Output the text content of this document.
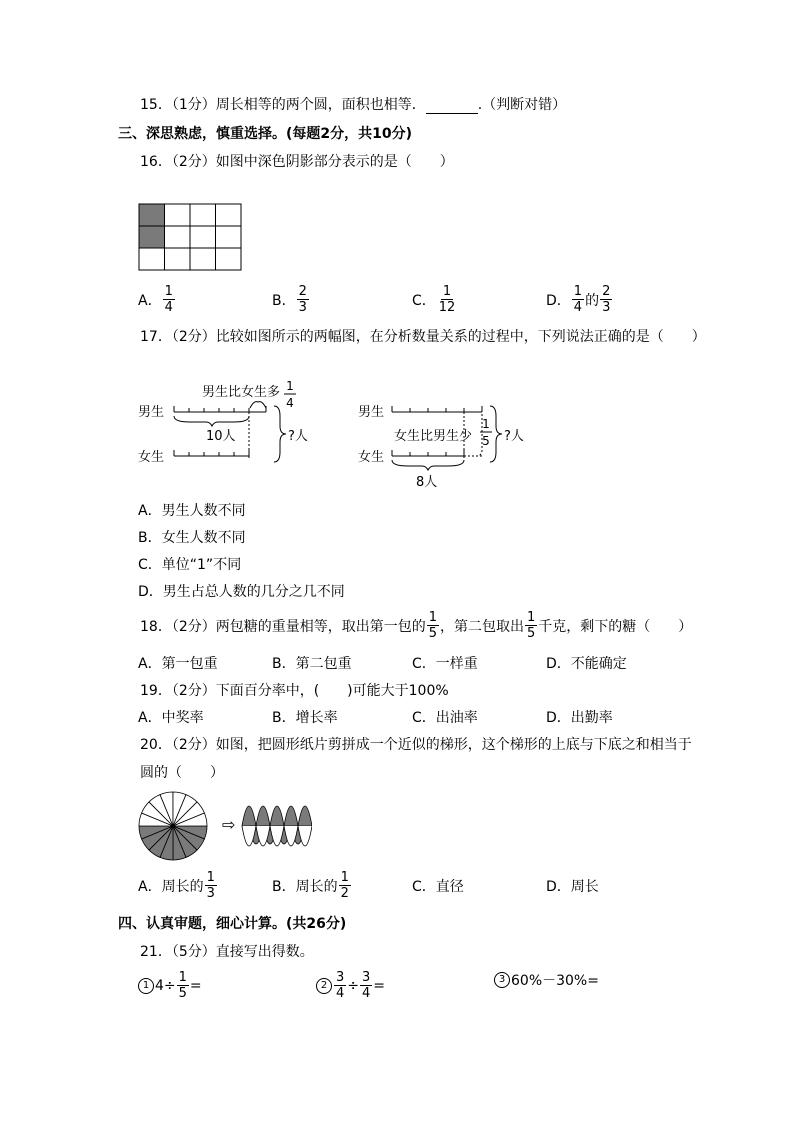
15．（1分）周长相等的两个圆，面积也相等．	.（判断对错）
三、深思熟虑，慎重选择。(每题2分，共10分)
16．（2分）如图中深色阴影部分表示的是（　　）
A． $\frac{1}{4}$	B． $\frac{2}{3}$	C． $\frac{1}{12}$	D． $\frac{1}{4}$ 的 $\frac{2}{3}$
17．（2分）比较如图所示的两幅图，在分析数量关系的过程中，下列说法正确的是（　　）
男生
女生
男生比女生多 1
4
10人	?人
男生
女生
女生比男生少
1
5
8人
?人
A．男生人数不同
B．女生人数不同
C．单位“1”不同
D．男生占总人数的几分之几不同
18．（2分）两包糖的重量相等，取出第一包的 $\frac{1}{5}$ ，第二包取出 $\frac{1}{5}$ 千克，剩下的糖（　　）
A．第一包重	B．第二包重	C．一样重	D．不能确定
19．（2分）下面百分率中，(　　)可能大于100%
A．中奖率	B．增长率	C．出油率	D．出勤率
20．（2分）如图，把圆形纸片剪拼成一个近似的梯形，这个梯形的上底与下底之和相当于
圆的（　　）
⇨
A．周长的 $\frac{1}{3}$	B．周长的 $\frac{1}{2}$	C．直径	D．周长
四、认真审题，细心计算。(共26分)
21．（5分）直接写出得数。
1 $4\div \frac{1}{5}$ =	$2 \frac{3}{4} \div \frac{3}{4}$ =	3 60%－30%=
